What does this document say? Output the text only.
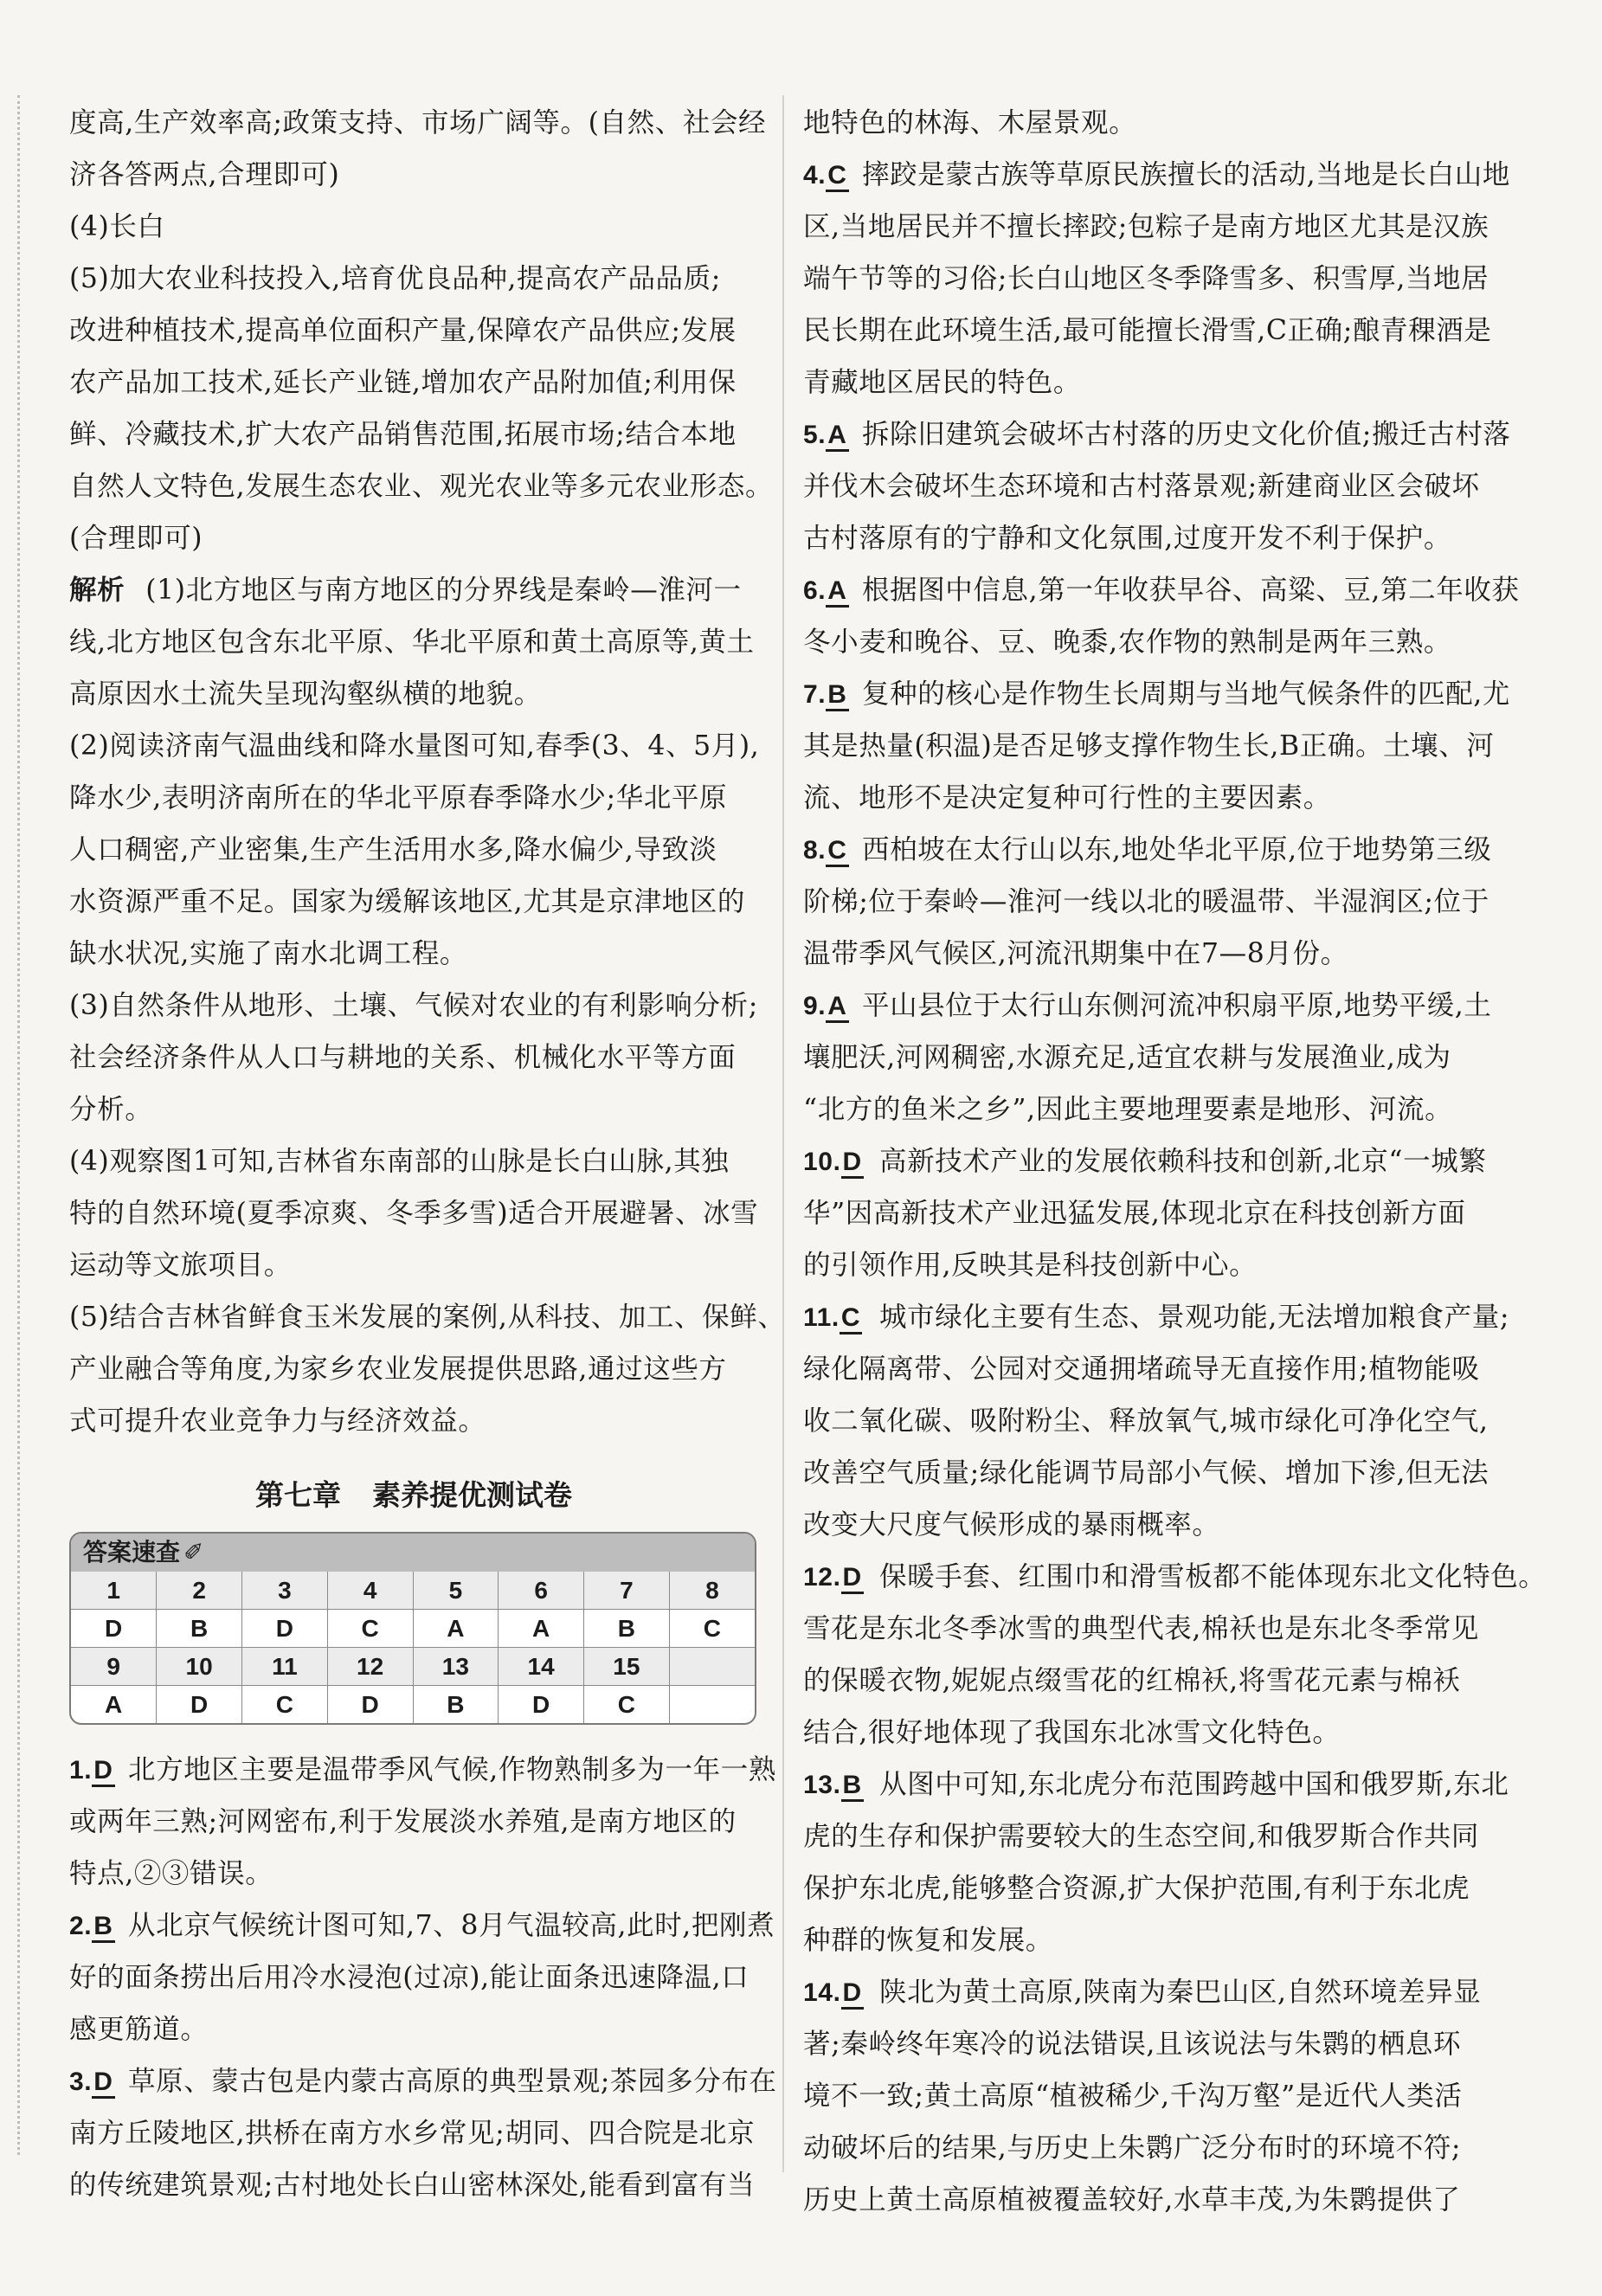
度高,生产效率高;政策支持、市场广阔等。(自然、社会经
济各答两点,合理即可)
(4)长白
(5)加大农业科技投入,培育优良品种,提高农产品品质;
改进种植技术,提高单位面积产量,保障农产品供应;发展
农产品加工技术,延长产业链,增加农产品附加值;利用保
鲜、冷藏技术,扩大农产品销售范围,拓展市场;结合本地
自然人文特色,发展生态农业、观光农业等多元农业形态。
(合理即可)
解析 (1)北方地区与南方地区的分界线是秦岭—淮河一
线,北方地区包含东北平原、华北平原和黄土高原等,黄土
高原因水土流失呈现沟壑纵横的地貌。
(2)阅读济南气温曲线和降水量图可知,春季(3、4、5月),
降水少,表明济南所在的华北平原春季降水少;华北平原
人口稠密,产业密集,生产生活用水多,降水偏少,导致淡
水资源严重不足。国家为缓解该地区,尤其是京津地区的
缺水状况,实施了南水北调工程。
(3)自然条件从地形、土壤、气候对农业的有利影响分析;
社会经济条件从人口与耕地的关系、机械化水平等方面
分析。
(4)观察图1可知,吉林省东南部的山脉是长白山脉,其独
特的自然环境(夏季凉爽、冬季多雪)适合开展避暑、冰雪
运动等文旅项目。
(5)结合吉林省鲜食玉米发展的案例,从科技、加工、保鲜、
产业融合等角度,为家乡农业发展提供思路,通过这些方
式可提升农业竞争力与经济效益。
第七章 素养提优测试卷
答案速查 ✐
1	2	3	4	5	6	7	8
D	B	D	C	A	A	B	C
9	10	11	12	13	14	15	
A	D	C	D	B	D	C	
1.D 北方地区主要是温带季风气候,作物熟制多为一年一熟
或两年三熟;河网密布,利于发展淡水养殖,是南方地区的
特点,②③错误。
2.B 从北京气候统计图可知,7、8月气温较高,此时,把刚煮
好的面条捞出后用冷水浸泡(过凉),能让面条迅速降温,口
感更筋道。
3.D 草原、蒙古包是内蒙古高原的典型景观;茶园多分布在
南方丘陵地区,拱桥在南方水乡常见;胡同、四合院是北京
的传统建筑景观;古村地处长白山密林深处,能看到富有当
地特色的林海、木屋景观。
4.C 摔跤是蒙古族等草原民族擅长的活动,当地是长白山地
区,当地居民并不擅长摔跤;包粽子是南方地区尤其是汉族
端午节等的习俗;长白山地区冬季降雪多、积雪厚,当地居
民长期在此环境生活,最可能擅长滑雪,C正确;酿青稞酒是
青藏地区居民的特色。
5.A 拆除旧建筑会破坏古村落的历史文化价值;搬迁古村落
并伐木会破坏生态环境和古村落景观;新建商业区会破坏
古村落原有的宁静和文化氛围,过度开发不利于保护。
6.A 根据图中信息,第一年收获早谷、高粱、豆,第二年收获
冬小麦和晚谷、豆、晚黍,农作物的熟制是两年三熟。
7.B 复种的核心是作物生长周期与当地气候条件的匹配,尤
其是热量(积温)是否足够支撑作物生长,B正确。土壤、河
流、地形不是决定复种可行性的主要因素。
8.C 西柏坡在太行山以东,地处华北平原,位于地势第三级
阶梯;位于秦岭—淮河一线以北的暖温带、半湿润区;位于
温带季风气候区,河流汛期集中在7—8月份。
9.A 平山县位于太行山东侧河流冲积扇平原,地势平缓,土
壤肥沃,河网稠密,水源充足,适宜农耕与发展渔业,成为
“北方的鱼米之乡”,因此主要地理要素是地形、河流。
10.D 高新技术产业的发展依赖科技和创新,北京“一城繁
华”因高新技术产业迅猛发展,体现北京在科技创新方面
的引领作用,反映其是科技创新中心。
11.C 城市绿化主要有生态、景观功能,无法增加粮食产量;
绿化隔离带、公园对交通拥堵疏导无直接作用;植物能吸
收二氧化碳、吸附粉尘、释放氧气,城市绿化可净化空气,
改善空气质量;绿化能调节局部小气候、增加下渗,但无法
改变大尺度气候形成的暴雨概率。
12.D 保暖手套、红围巾和滑雪板都不能体现东北文化特色。
雪花是东北冬季冰雪的典型代表,棉袄也是东北冬季常见
的保暖衣物,妮妮点缀雪花的红棉袄,将雪花元素与棉袄
结合,很好地体现了我国东北冰雪文化特色。
13.B 从图中可知,东北虎分布范围跨越中国和俄罗斯,东北
虎的生存和保护需要较大的生态空间,和俄罗斯合作共同
保护东北虎,能够整合资源,扩大保护范围,有利于东北虎
种群的恢复和发展。
14.D 陕北为黄土高原,陕南为秦巴山区,自然环境差异显
著;秦岭终年寒冷的说法错误,且该说法与朱鹮的栖息环
境不一致;黄土高原“植被稀少,千沟万壑”是近代人类活
动破坏后的结果,与历史上朱鹮广泛分布时的环境不符;
历史上黄土高原植被覆盖较好,水草丰茂,为朱鹮提供了
